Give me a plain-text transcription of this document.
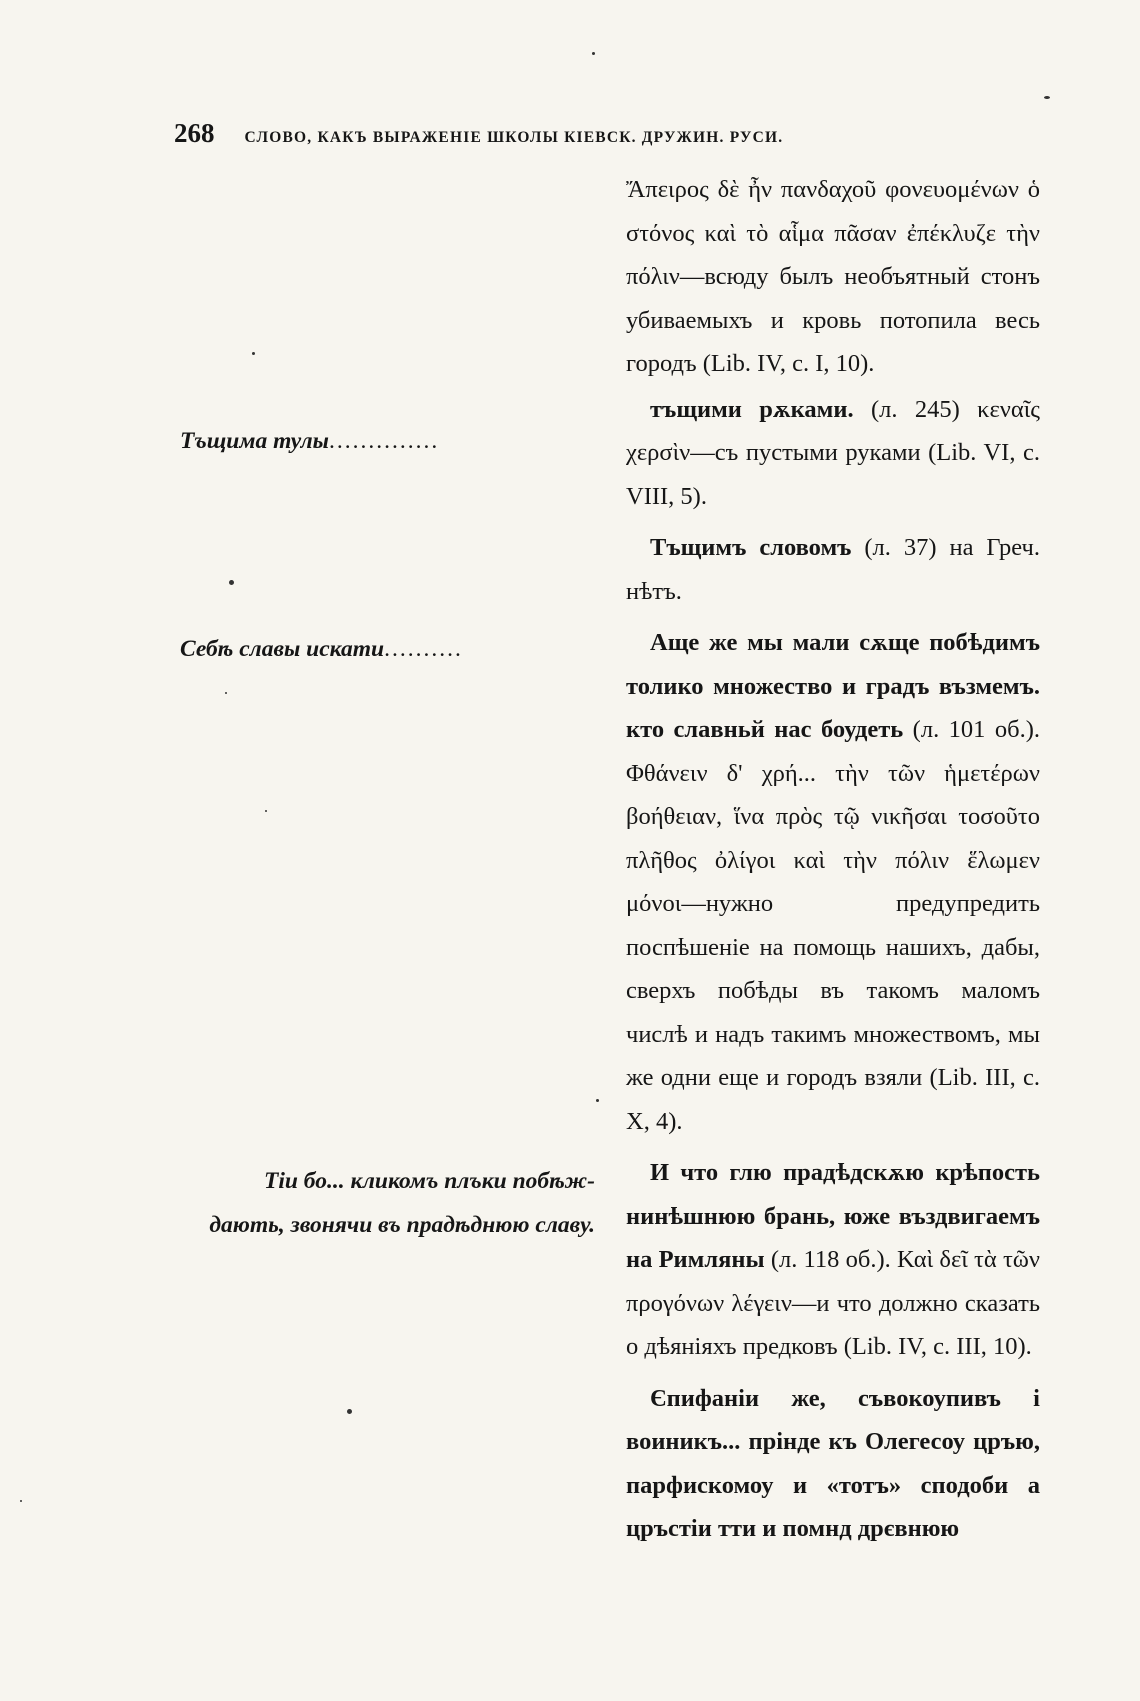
268 СЛОВО, КАКЪ ВЫРАЖЕНІЕ ШКОЛЫ КІЕВСК. ДРУЖИН. РУСИ.
Тъщима тулы..............
Себѣ славы искати..........
Тіи бо... кликомъ плъки побѣж-
дають, звонячи въ прадѣднюю славу.

Ἄπειρος δὲ ἦν πανδαχοῦ φονευομένων ὁ στόνος καὶ τὸ αἷμα πᾶσαν ἐπέκλυζε τὴν πόλιν—всюду былъ необъятный стонъ убиваемыхъ и кровь потопила весь городъ (Lib. IV, c. I, 10).

тъщими рѫками. (л. 245) κεναῖς χερσὶν—съ пустыми руками (Lib. VI, c. VIII, 5).

Тъщимъ словомъ (л. 37) на Греч. нѣтъ.

Аще же мы мали сѫще побѣдимъ толико множество и градъ възмемъ. кто славньй нас боудеть (л. 101 об.). Φθάνειν δ' χρή... τὴν τῶν ἡμετέρων βοήθειαν, ἵνα πρὸς τῷ νικῆσαι τοσοῦτο πλῆθος ὀλίγοι καὶ τὴν πόλιν ἕλωμεν μόνοι—нужно предупредить поспѣшеніе на помощь нашихъ, дабы, сверхъ побѣды въ такомъ маломъ числѣ и надъ такимъ множествомъ, мы же одни еще и городъ взяли (Lib. III, c. X, 4).

И что глю прадѣдскѫю крѣпость нинѣшнюю брань, юже въздвигаемъ на Римляны (л. 118 об.). Καὶ δεῖ τὰ τῶν προγόνων λέγειν—и что должно сказать о дѣяніяхъ предковъ (Lib. IV, c. III, 10).

Єпифаніи же, съвокоупивъ і воиникъ... прінде къ Олегесоу цръю, парфискомоу и «тотъ» сподоби а цръстіи тти и помнд дрєвнюю
